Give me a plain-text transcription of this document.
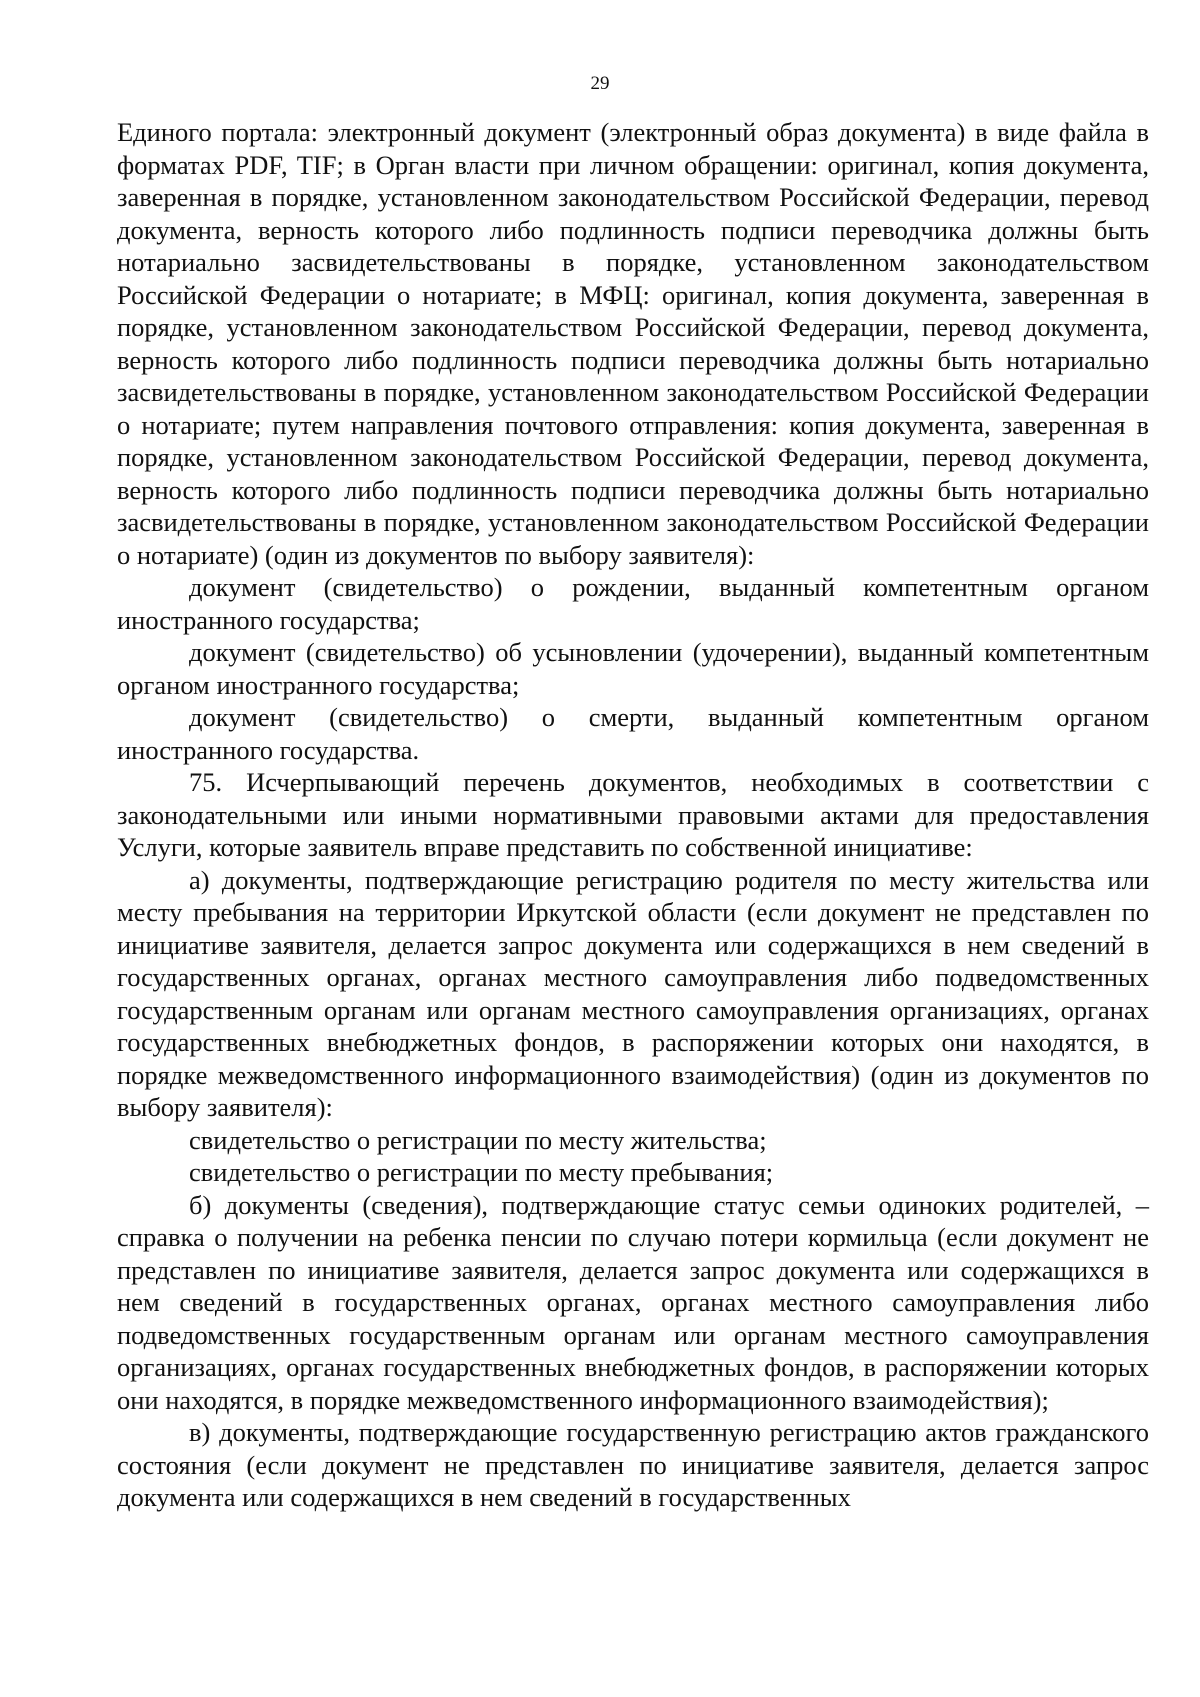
29

Единого портала: электронный документ (электронный образ документа) в виде файла в форматах PDF, TIF; в Орган власти при личном обращении: оригинал, копия документа, заверенная в порядке, установленном законодательством Российской Федерации, перевод документа, верность которого либо подлинность подписи переводчика должны быть нотариально засвидетельствованы в порядке, установленном законодательством Российской Федерации о нотариате; в МФЦ: оригинал, копия документа, заверенная в порядке, установленном законодательством Российской Федерации, перевод документа, верность которого либо подлинность подписи переводчика должны быть нотариально засвидетельствованы в порядке, установленном законодательством Российской Федерации о нотариате; путем направления почтового отправления: копия документа, заверенная в порядке, установленном законодательством Российской Федерации, перевод документа, верность которого либо подлинность подписи переводчика должны быть нотариально засвидетельствованы в порядке, установленном законодательством Российской Федерации о нотариате) (один из документов по выбору заявителя):

документ (свидетельство) о рождении, выданный компетентным органом иностранного государства;

документ (свидетельство) об усыновлении (удочерении), выданный компетентным органом иностранного государства;

документ (свидетельство) о смерти, выданный компетентным органом иностранного государства.

75. Исчерпывающий перечень документов, необходимых в соответствии с законодательными или иными нормативными правовыми актами для предоставления Услуги, которые заявитель вправе представить по собственной инициативе:

а) документы, подтверждающие регистрацию родителя по месту жительства или месту пребывания на территории Иркутской области (если документ не представлен по инициативе заявителя, делается запрос документа или содержащихся в нем сведений в государственных органах, органах местного самоуправления либо подведомственных государственным органам или органам местного самоуправления организациях, органах государственных внебюджетных фондов, в распоряжении которых они находятся, в порядке межведомственного информационного взаимодействия) (один из документов по выбору заявителя):

свидетельство о регистрации по месту жительства;

свидетельство о регистрации по месту пребывания;

б) документы (сведения), подтверждающие статус семьи одиноких родителей, – справка о получении на ребенка пенсии по случаю потери кормильца (если документ не представлен по инициативе заявителя, делается запрос документа или содержащихся в нем сведений в государственных органах, органах местного самоуправления либо подведомственных государственным органам или органам местного самоуправления организациях, органах государственных внебюджетных фондов, в распоряжении которых они находятся, в порядке межведомственного информационного взаимодействия);

в) документы, подтверждающие государственную регистрацию актов гражданского состояния (если документ не представлен по инициативе заявителя, делается запрос документа или содержащихся в нем сведений в государственных
